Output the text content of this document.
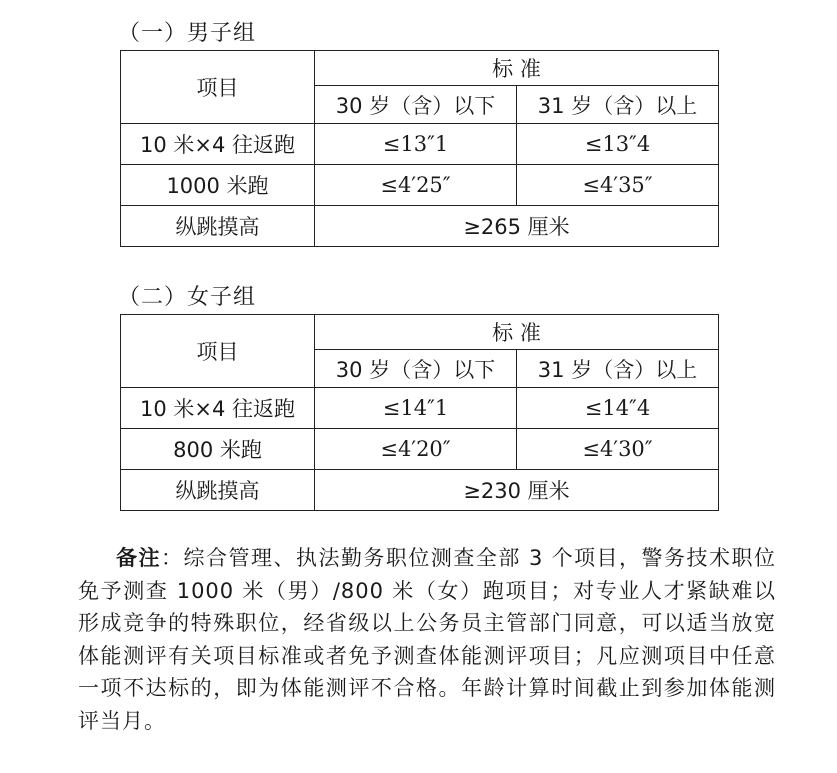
（一）男子组
项目	标 准	
	30 岁（含）以下	31 岁（含）以上
10 米×4 往返跑	≤13″1	≤13″4
1000 米跑	≤4′25″	≤4′35″
纵跳摸高	≥265 厘米	
（二）女子组
项目	标 准	
	30 岁（含）以下	31 岁（含）以上
10 米×4 往返跑	≤14″1	≤14″4
800 米跑	≤4′20″	≤4′30″
纵跳摸高	≥230 厘米	
备注：综合管理、执法勤务职位测查全部 3 个项目，警务技术职位免予测查 1000 米（男）/800 米（女）跑项目；对专业人才紧缺难以形成竞争的特殊职位，经省级以上公务员主管部门同意，可以适当放宽体能测评有关项目标准或者免予测查体能测评项目；凡应测项目中任意一项不达标的，即为体能测评不合格。年龄计算时间截止到参加体能测评当月。
